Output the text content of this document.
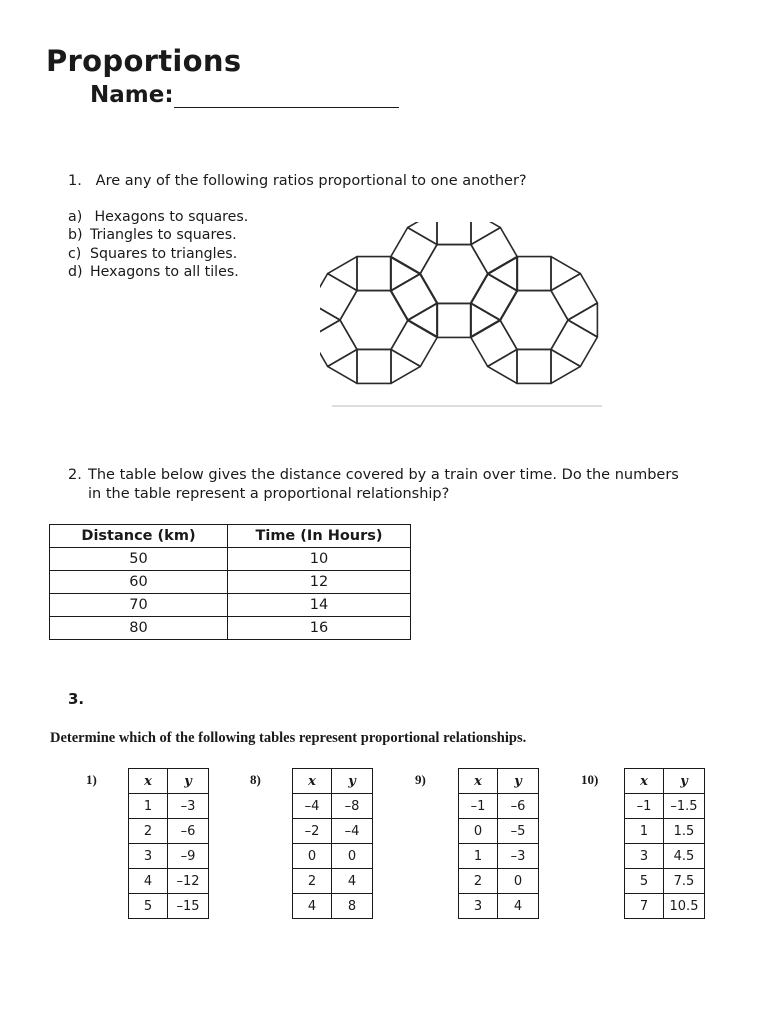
Proportions
Name:
1. Are any of the following ratios proportional to one another?
a) Hexagons to squares.
b) Triangles to squares.
c) Squares to triangles.
d) Hexagons to all tiles.
2. The table below gives the distance covered by a train over time. Do the numbers
in the table represent a proportional relationship?
Distance (km)	Time (In Hours)
50	10
60	12
70	14
80	16
3.
Determine which of the following tables represent proportional relationships.
1)	x	y
1	–3
2	–6
3	–9
4	–12
5	–15
8)	x	y
–4	–8
–2	–4
0	0
2	4
4	8
9)	x	y
–1	–6
0	–5
1	–3
2	0
3	4
10)	x	y
–1	–1.5
1	1.5
3	4.5
5	7.5
7	10.5
